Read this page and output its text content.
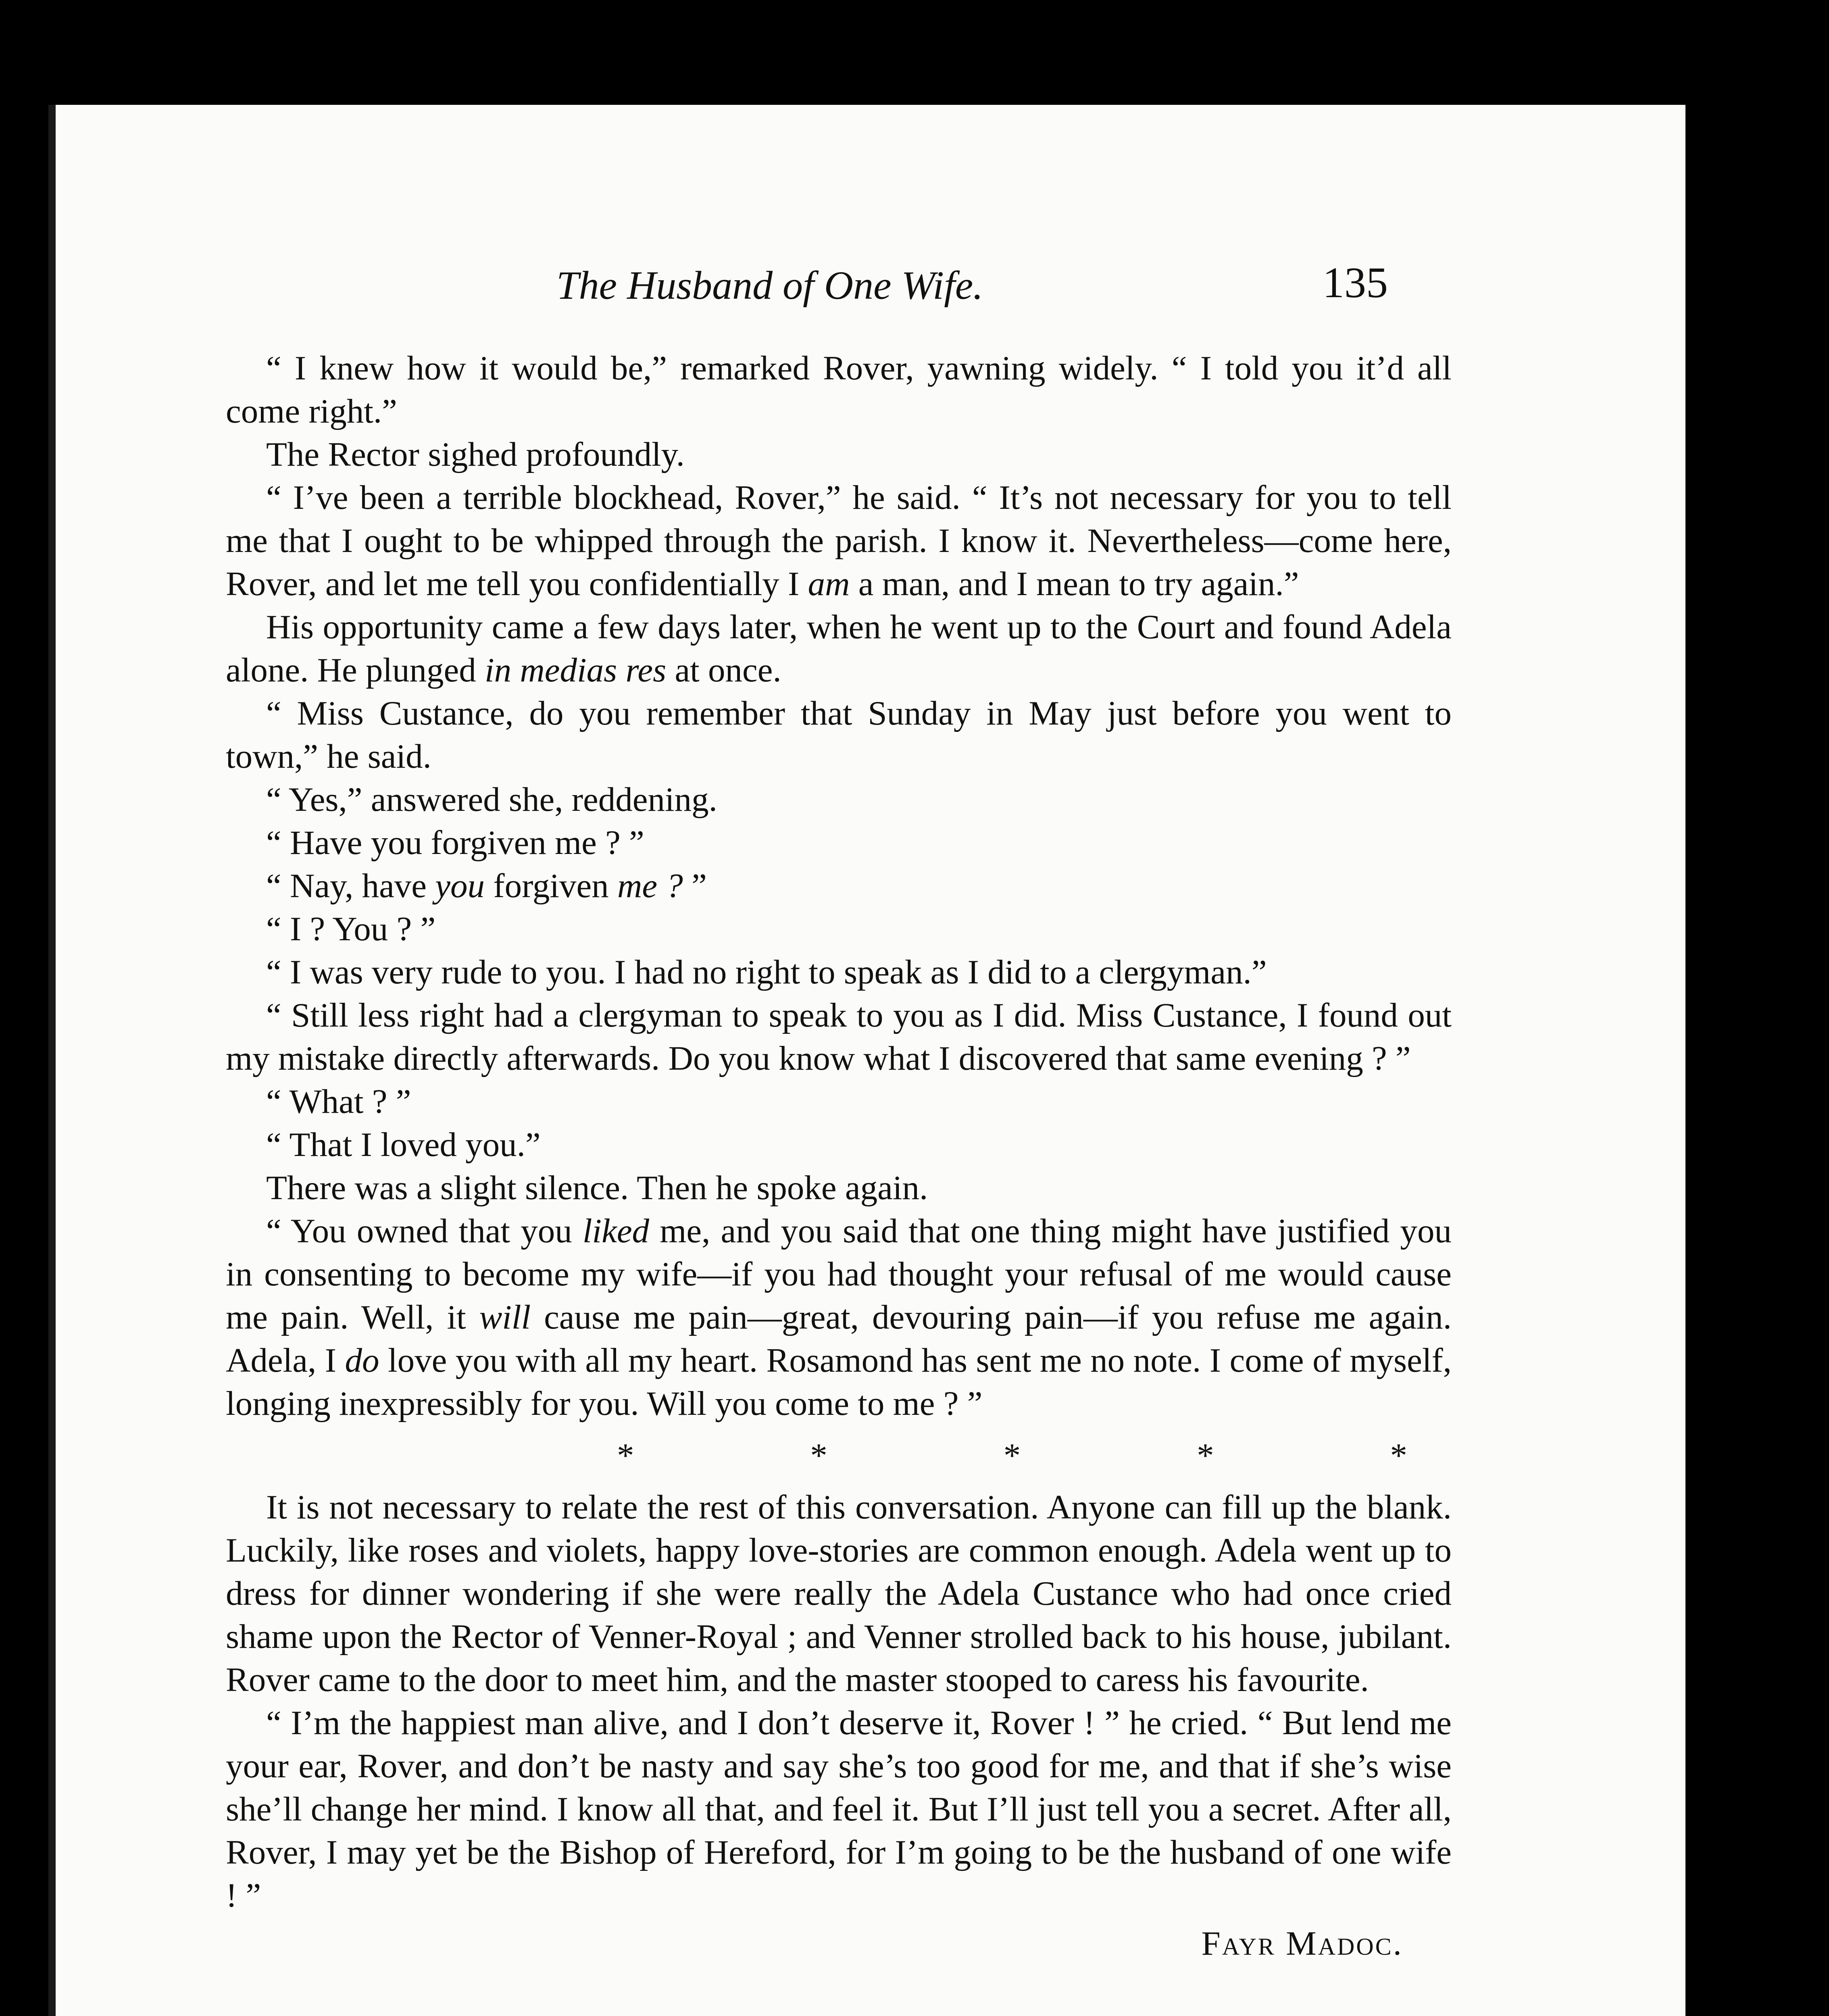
The Husband of One Wife.	135

“ I knew how it would be,” remarked Rover, yawning widely. “ I told you it’d all come right.”

The Rector sighed profoundly.

“ I’ve been a terrible blockhead, Rover,” he said. “ It’s not necessary for you to tell me that I ought to be whipped through the parish. I know it. Nevertheless—come here, Rover, and let me tell you confidentially I am a man, and I mean to try again.”

His opportunity came a few days later, when he went up to the Court and found Adela alone. He plunged in medias res at once.

“ Miss Custance, do you remember that Sunday in May just before you went to town,” he said.

“ Yes,” answered she, reddening.

“ Have you forgiven me ? ”

“ Nay, have you forgiven me ? ”

“ I ? You ? ”

“ I was very rude to you. I had no right to speak as I did to a clergyman.”

“ Still less right had a clergyman to speak to you as I did. Miss Custance, I found out my mistake directly afterwards. Do you know what I discovered that same evening ? ”

“ What ? ”

“ That I loved you.”

There was a slight silence. Then he spoke again.

“ You owned that you liked me, and you said that one thing might have justified you in consenting to become my wife—if you had thought your refusal of me would cause me pain. Well, it will cause me pain—great, devouring pain—if you refuse me again. Adela, I do love you with all my heart. Rosamond has sent me no note. I come of myself, longing inexpressibly for you. Will you come to me ? ”

*	*	*	*	*

It is not necessary to relate the rest of this conversation. Anyone can fill up the blank. Luckily, like roses and violets, happy love-stories are common enough. Adela went up to dress for dinner wondering if she were really the Adela Custance who had once cried shame upon the Rector of Venner-Royal ; and Venner strolled back to his house, jubilant. Rover came to the door to meet him, and the master stooped to caress his favourite.

“ I’m the happiest man alive, and I don’t deserve it, Rover ! ” he cried. “ But lend me your ear, Rover, and don’t be nasty and say she’s too good for me, and that if she’s wise she’ll change her mind. I know all that, and feel it. But I’ll just tell you a secret. After all, Rover, I may yet be the Bishop of Hereford, for I’m going to be the husband of one wife ! ”

Fayr Madoc.
